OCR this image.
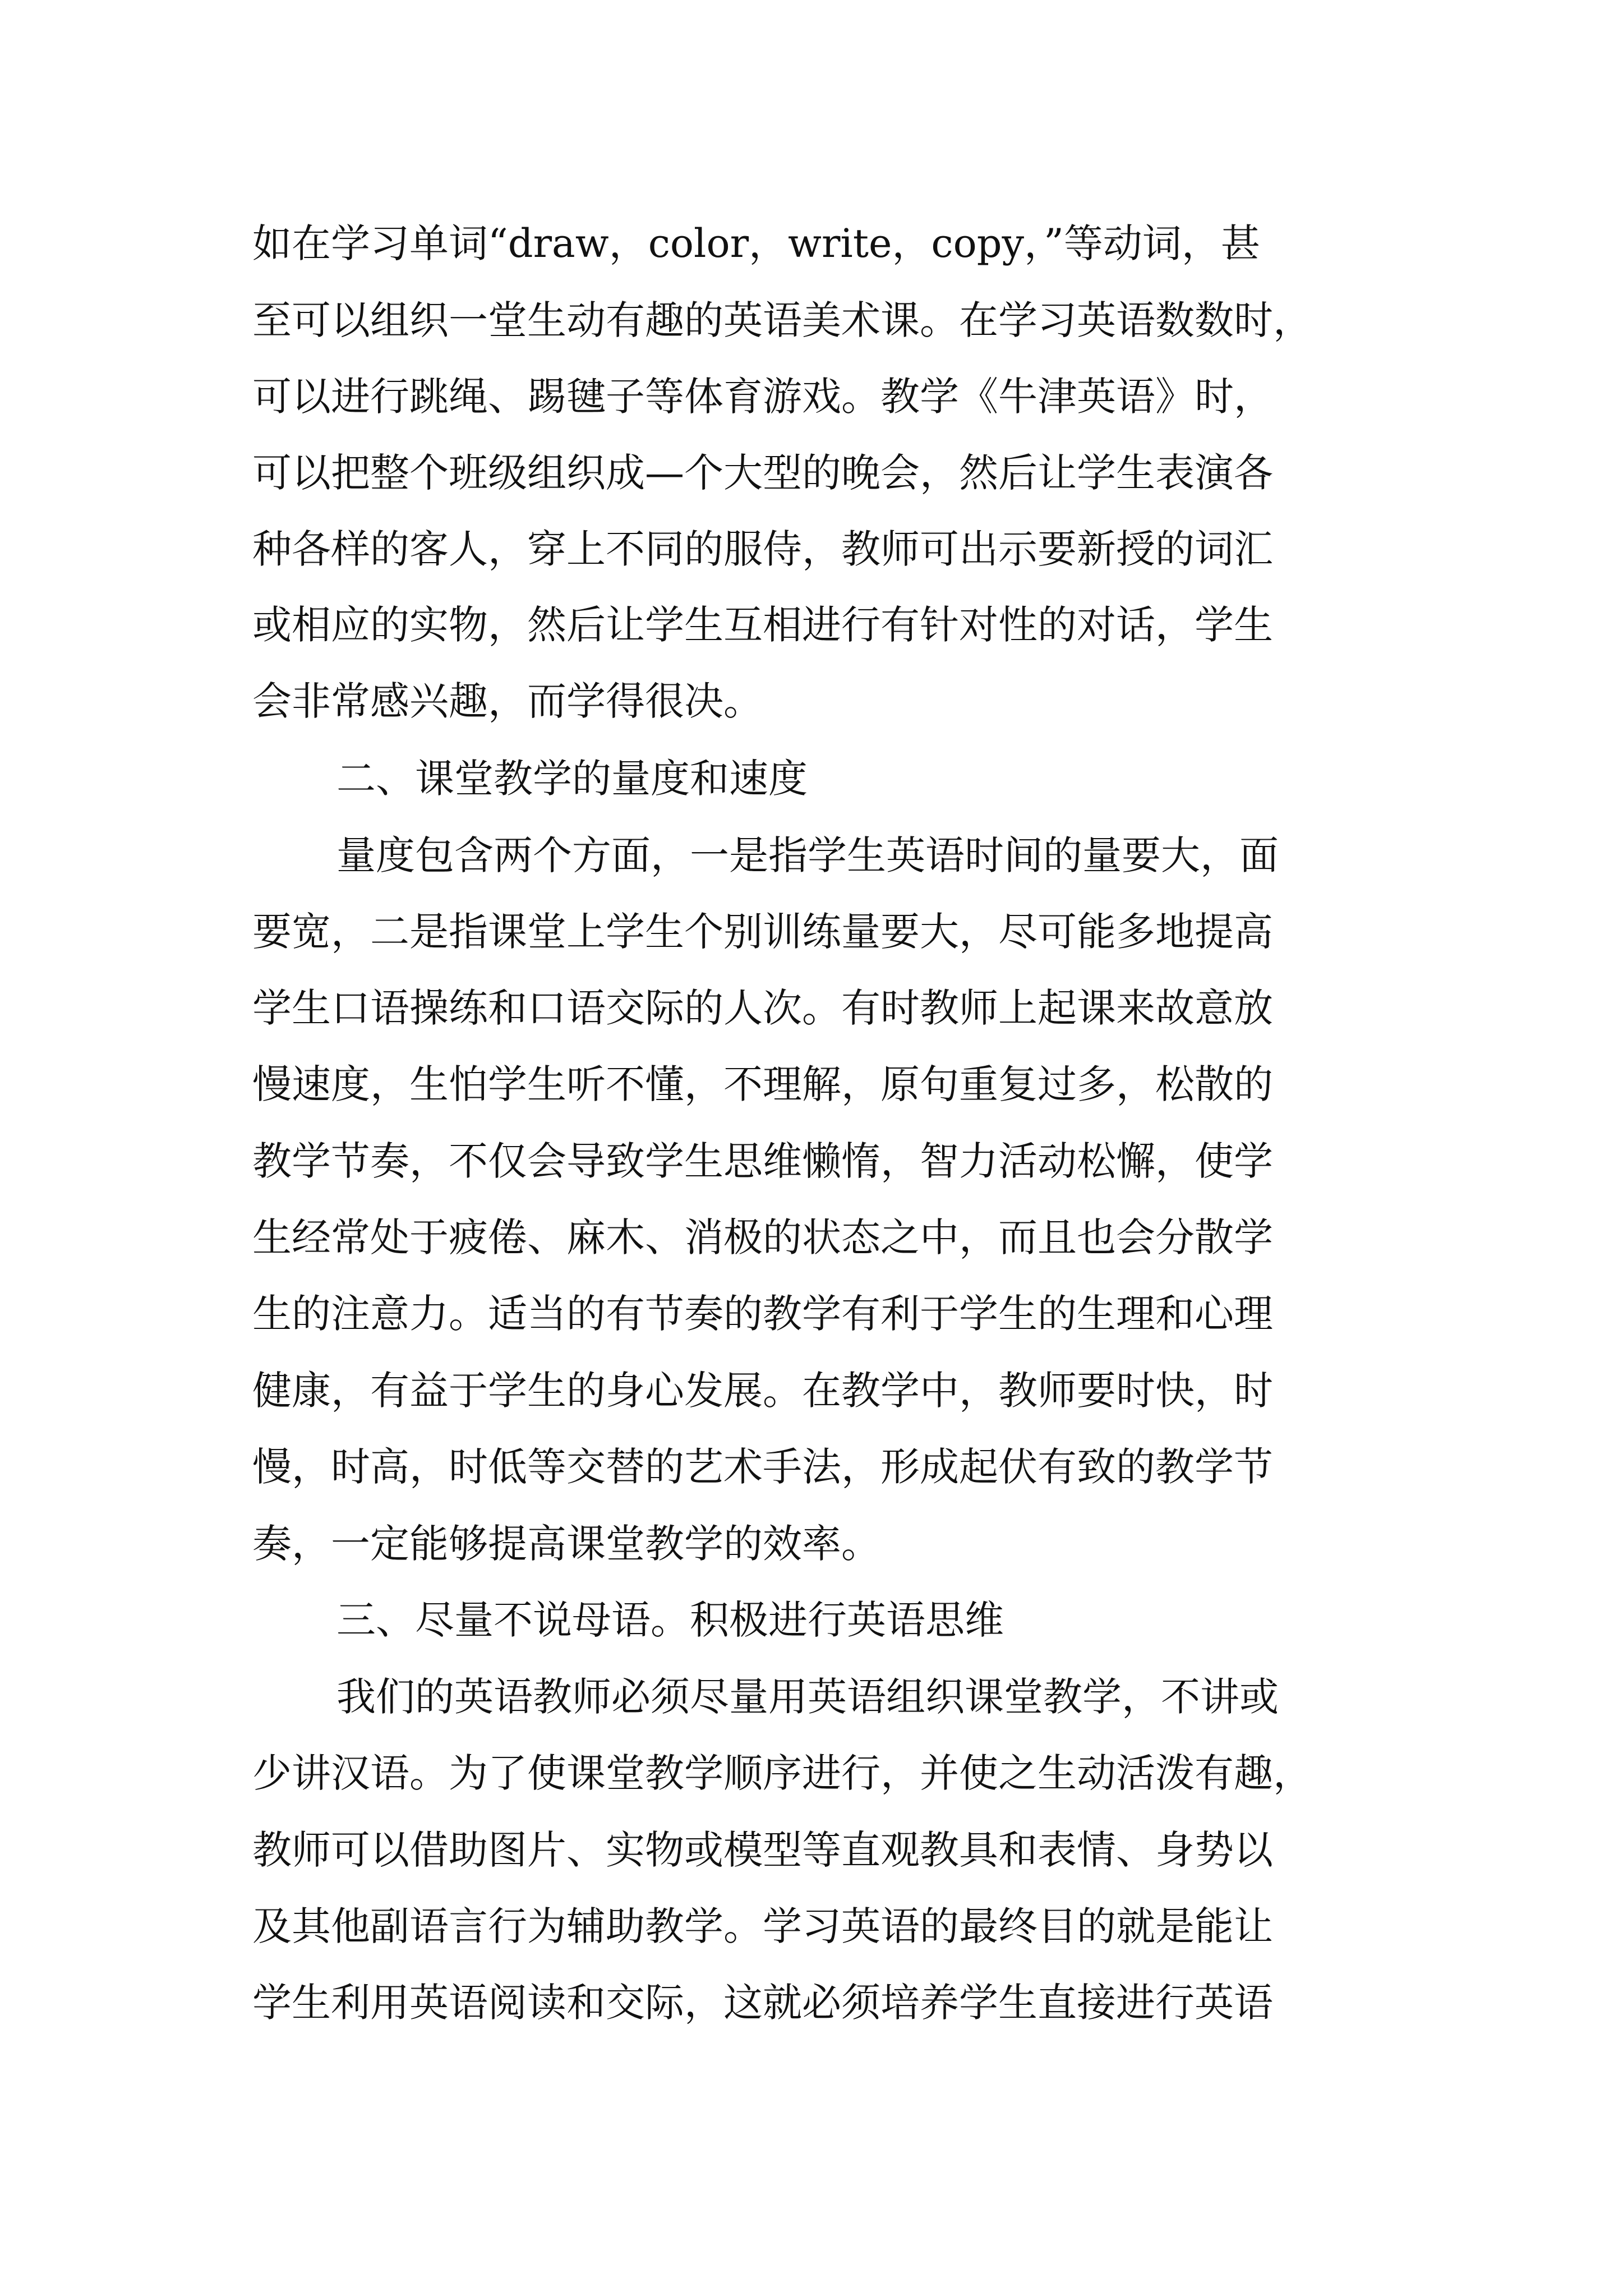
如在学习单词“draw，color，write，copy，”等动词，甚
至可以组织一堂生动有趣的英语美术课。在学习英语数数时，
可以进行跳绳、踢毽子等体育游戏。教学《牛津英语》时，
可以把整个班级组织成—个大型的晚会，然后让学生表演各
种各样的客人，穿上不同的服侍，教师可出示要新授的词汇
或相应的实物，然后让学生互相进行有针对性的对话，学生
会非常感兴趣，而学得很决。
二、课堂教学的量度和速度
量度包含两个方面，一是指学生英语时间的量要大，面
要宽，二是指课堂上学生个别训练量要大，尽可能多地提高
学生口语操练和口语交际的人次。有时教师上起课来故意放
慢速度，生怕学生听不懂，不理解，原句重复过多，松散的
教学节奏，不仅会导致学生思维懒惰，智力活动松懈，使学
生经常处于疲倦、麻木、消极的状态之中，而且也会分散学
生的注意力。适当的有节奏的教学有利于学生的生理和心理
健康，有益于学生的身心发展。在教学中，教师要时快，时
慢，时高，时低等交替的艺术手法，形成起伏有致的教学节
奏，一定能够提高课堂教学的效率。
三、尽量不说母语。积极进行英语思维
我们的英语教师必须尽量用英语组织课堂教学，不讲或
少讲汉语。为了使课堂教学顺序进行，并使之生动活泼有趣，
教师可以借助图片、实物或模型等直观教具和表情、身势以
及其他副语言行为辅助教学。学习英语的最终目的就是能让
学生利用英语阅读和交际，这就必须培养学生直接进行英语
